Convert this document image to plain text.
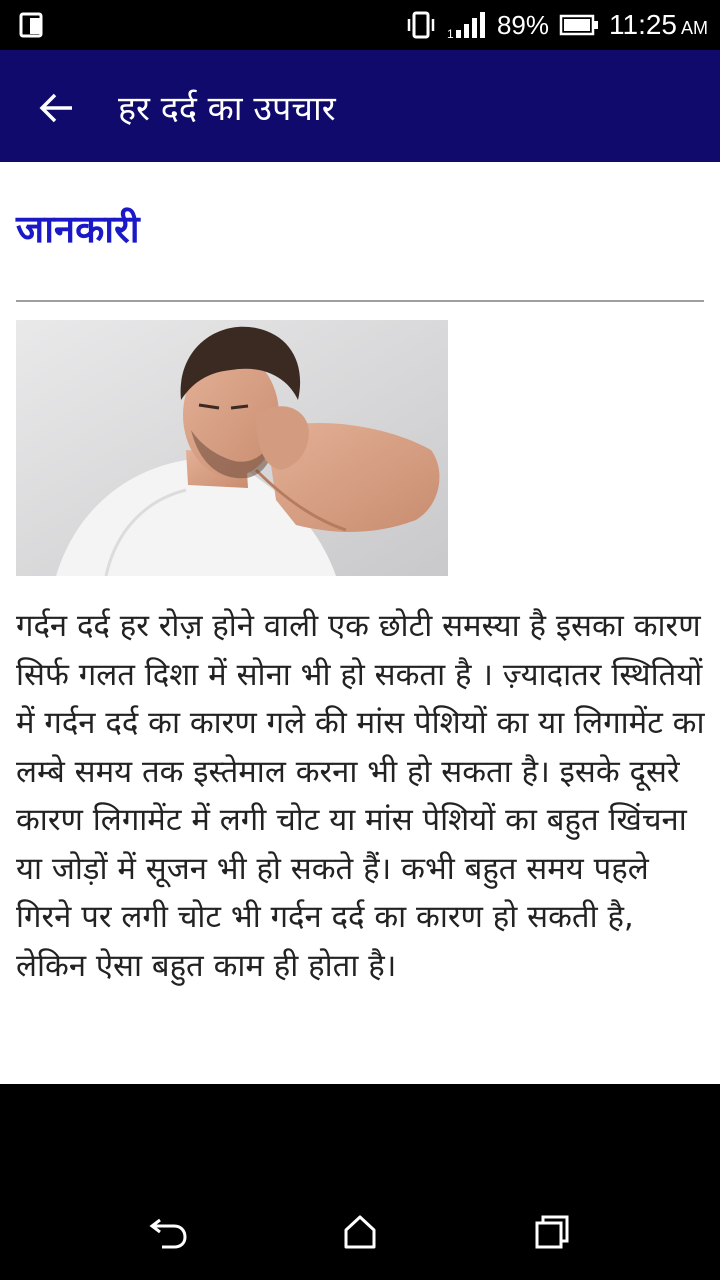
1 89% 11:25 AM
हर दर्द का उपचार
जानकारी
गर्दन दर्द हर रोज़ होने वाली एक छोटी समस्या है इसका कारण सिर्फ गलत दिशा में सोना भी हो सकता है । ज़्यादातर स्थितियों में गर्दन दर्द का कारण गले की मांस पेशियों का या लिगामेंट का लम्बे समय तक इस्तेमाल करना भी हो सकता है। इसके दूसरे कारण लिगामेंट में लगी चोट या मांस पेशियों का बहुत खिंचना या जोड़ों में सूजन भी हो सकते हैं। कभी बहुत समय पहले गिरने पर लगी चोट भी गर्दन दर्द का कारण हो सकती है, लेकिन ऐसा बहुत काम ही होता है।
